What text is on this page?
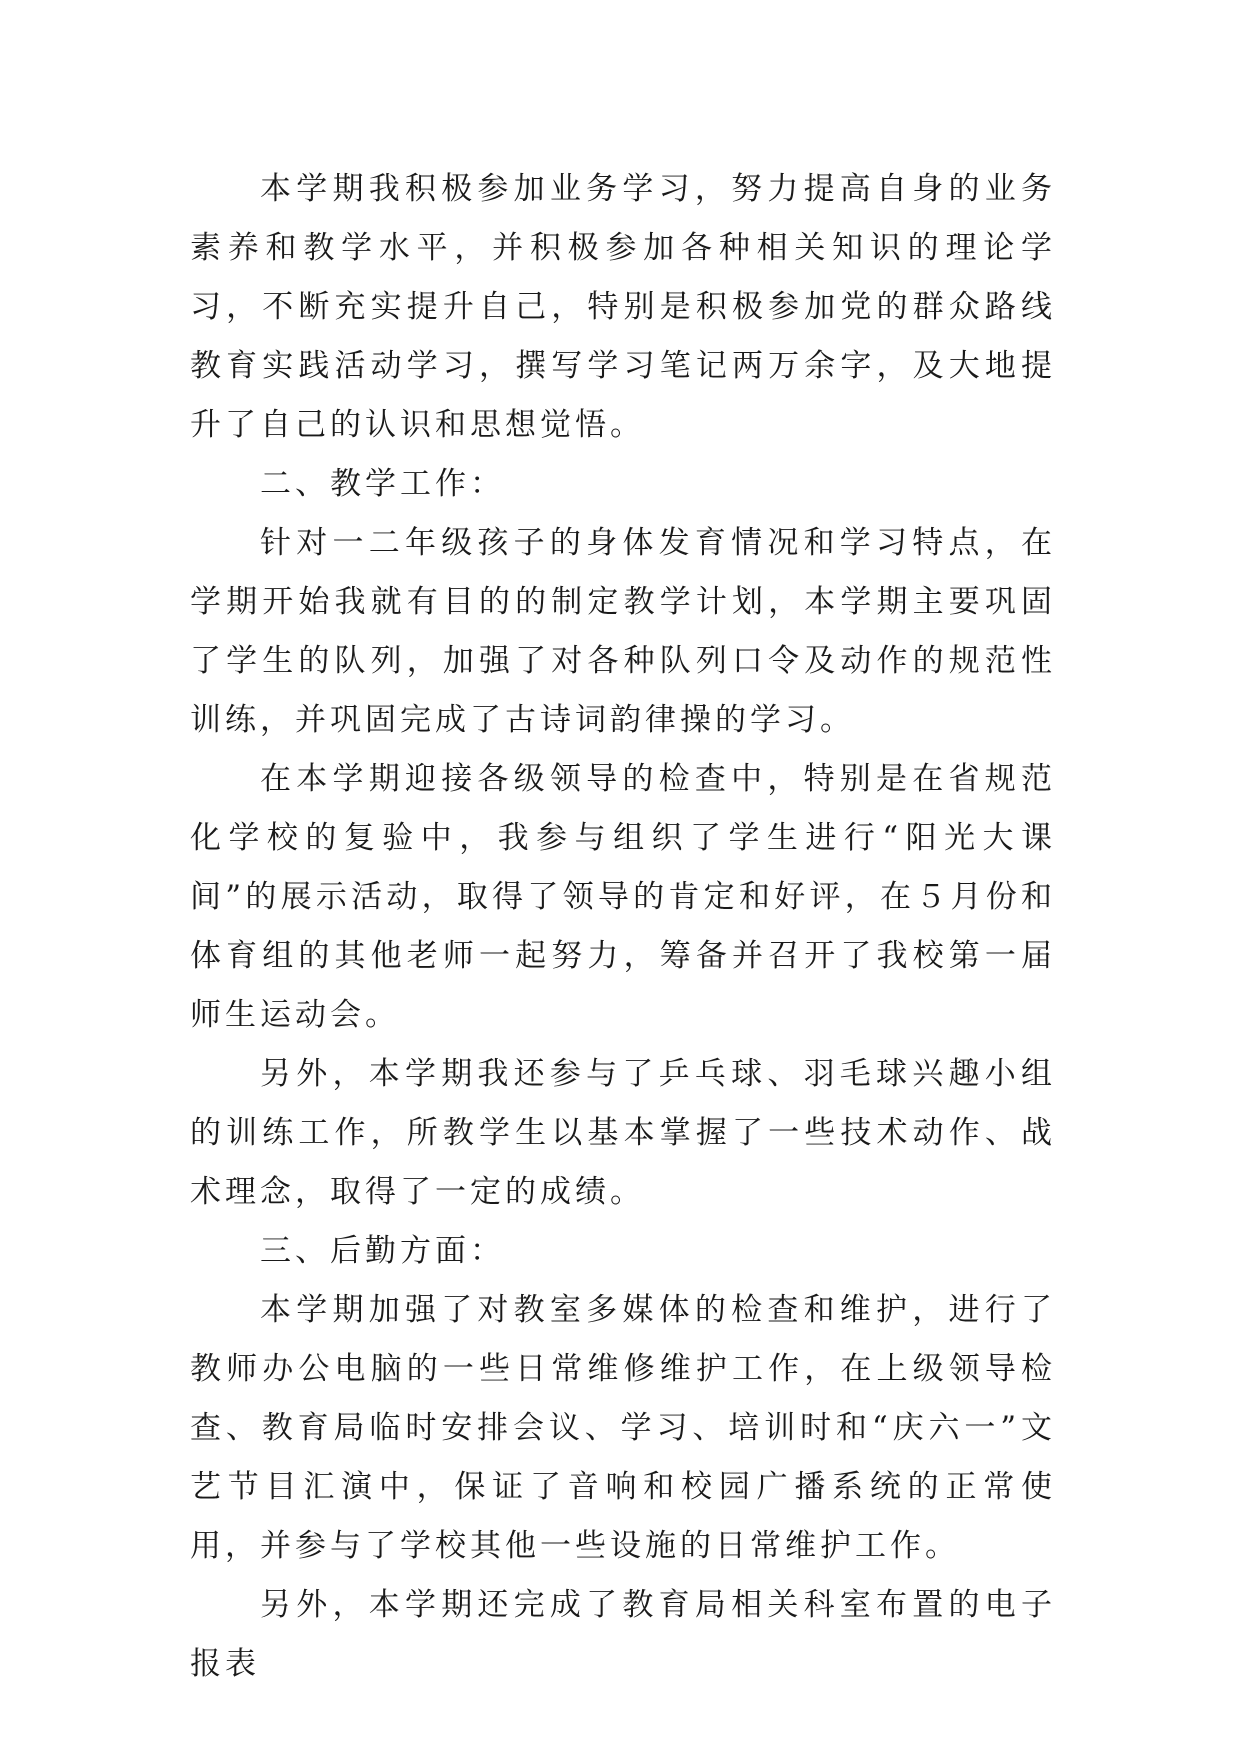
本学期我积极参加业务学习，努力提高自身的业务素养和教学水平，并积极参加各种相关知识的理论学习，不断充实提升自己，特别是积极参加党的群众路线教育实践活动学习，撰写学习笔记两万余字，及大地提升了自己的认识和思想觉悟。

二、教学工作：

针对一二年级孩子的身体发育情况和学习特点，在学期开始我就有目的的制定教学计划，本学期主要巩固了学生的队列，加强了对各种队列口令及动作的规范性训练，并巩固完成了古诗词韵律操的学习。

在本学期迎接各级领导的检查中，特别是在省规范化学校的复验中，我参与组织了学生进行“阳光大课间”的展示活动，取得了领导的肯定和好评，在５月份和体育组的其他老师一起努力，筹备并召开了我校第一届师生运动会。

另外，本学期我还参与了乒乓球、羽毛球兴趣小组的训练工作，所教学生以基本掌握了一些技术动作、战术理念，取得了一定的成绩。

三、后勤方面：

本学期加强了对教室多媒体的检查和维护，进行了教师办公电脑的一些日常维修维护工作，在上级领导检查、教育局临时安排会议、学习、培训时和“庆六一”文艺节目汇演中，保证了音响和校园广播系统的正常使用，并参与了学校其他一些设施的日常维护工作。

另外，本学期还完成了教育局相关科室布置的电子报表
